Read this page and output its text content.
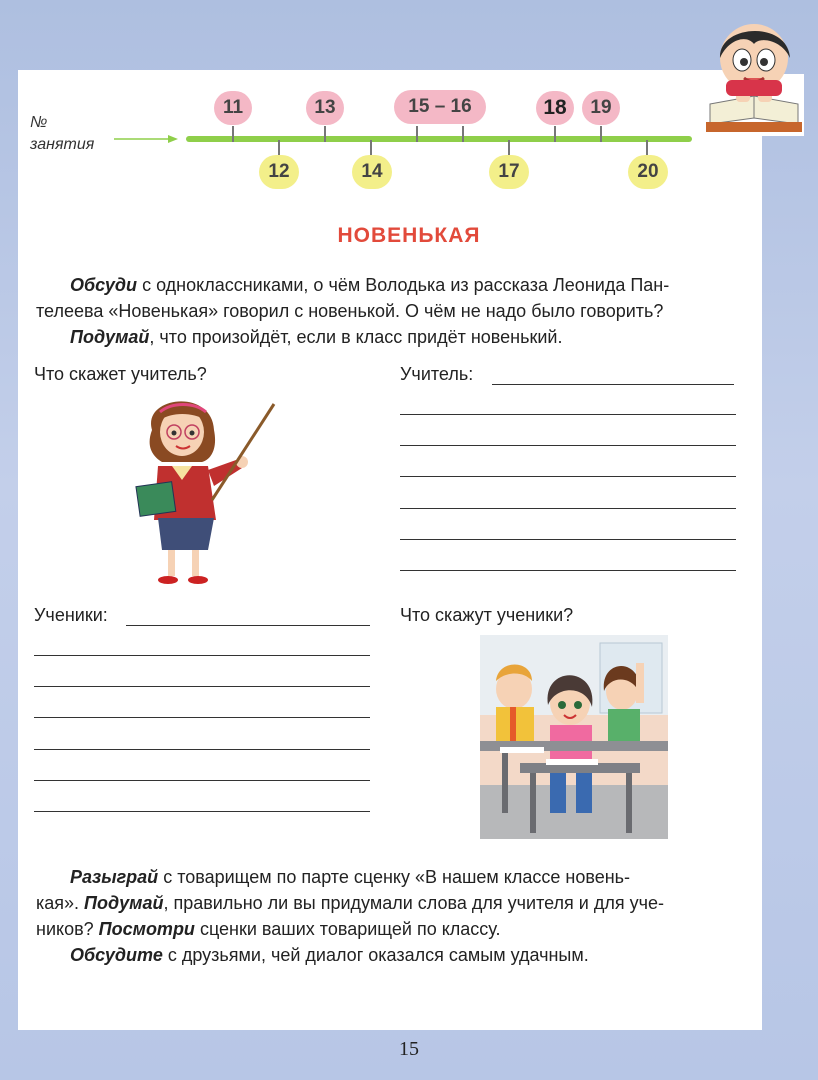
№
занятия
11	13	15 – 16	18	19
12	14	17	20
НОВЕНЬКАЯ
Обсуди с одноклассниками, о чём Володька из рассказа Леонида Пан-
телеева «Новенькая» говорил с новенькой. О чём не надо было говорить?
Подумай, что произойдёт, если в класс придёт новенький.
Что скажет учитель?	Учитель:
Ученики:	Что скажут ученики?
Разыграй с товарищем по парте сценку «В нашем классе новень-
кая». Подумай, правильно ли вы придумали слова для учителя и для уче-
ников? Посмотри сценки ваших товарищей по классу.
Обсудите с друзьями, чей диалог оказался самым удачным.
15
